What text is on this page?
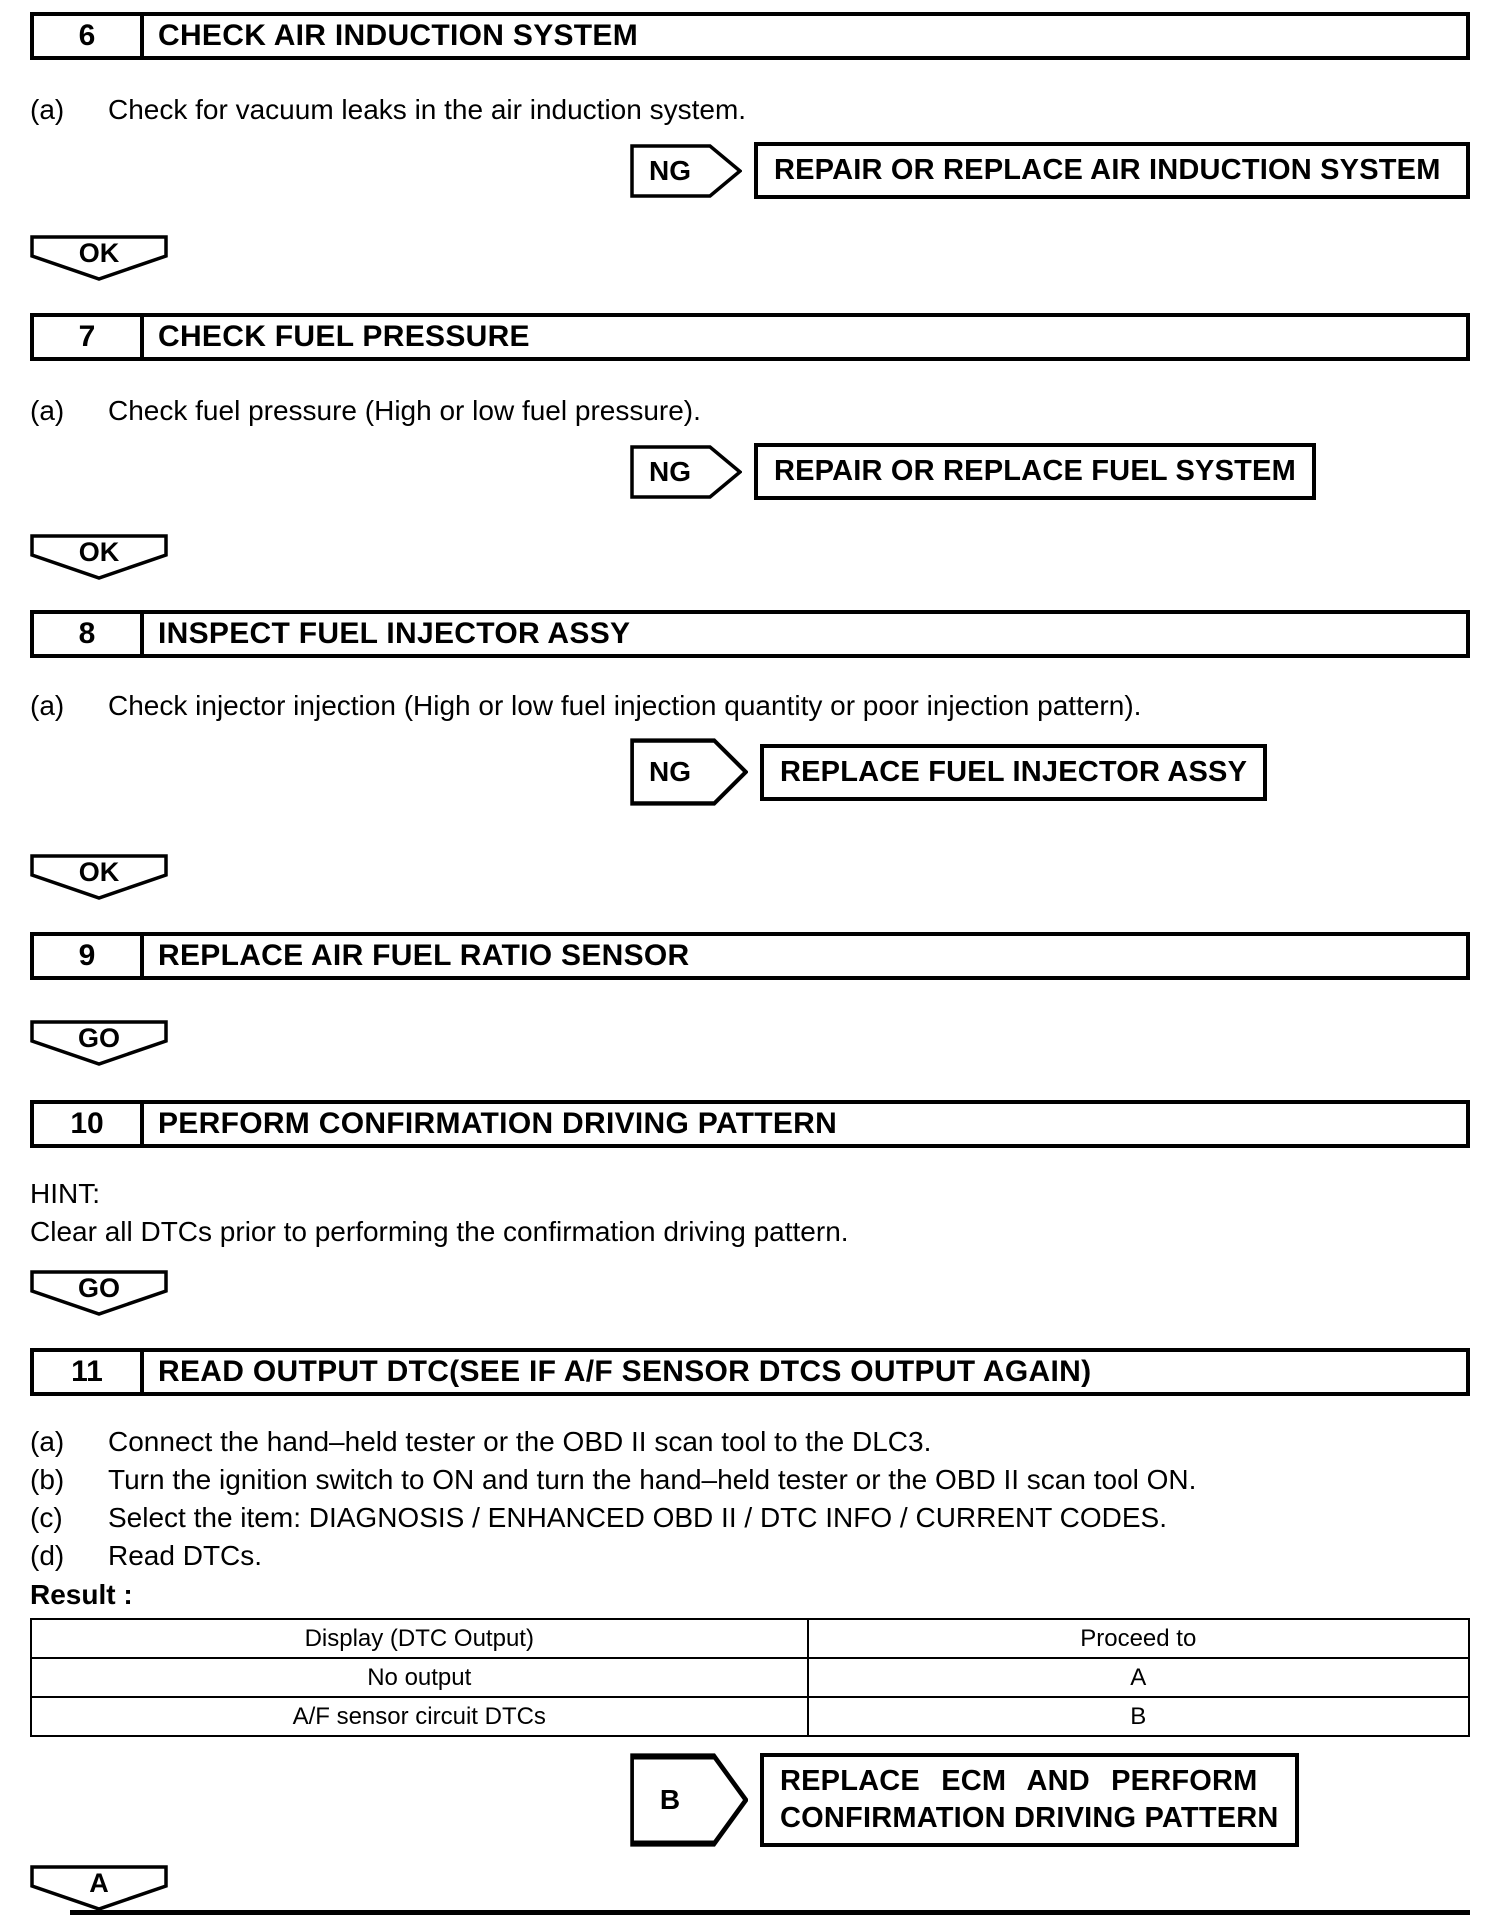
6	CHECK AIR INDUCTION SYSTEM
(a)	Check for vacuum leaks in the air induction system.
NG	REPAIR OR REPLACE AIR INDUCTION SYSTEM
OK
7	CHECK FUEL PRESSURE
(a)	Check fuel pressure (High or low fuel pressure).
NG	REPAIR OR REPLACE FUEL SYSTEM
OK
8	INSPECT FUEL INJECTOR ASSY
(a)	Check injector injection (High or low fuel injection quantity or poor injection pattern).
NG	REPLACE FUEL INJECTOR ASSY
OK
9	REPLACE AIR FUEL RATIO SENSOR
GO
10	PERFORM CONFIRMATION DRIVING PATTERN
HINT:
Clear all DTCs prior to performing the confirmation driving pattern.
GO
11	READ OUTPUT DTC(SEE IF A/F SENSOR DTCS OUTPUT AGAIN)
(a)	Connect the hand–held tester or the OBD II scan tool to the DLC3.
(b)	Turn the ignition switch to ON and turn the hand–held tester or the OBD II scan tool ON.
(c)	Select the item: DIAGNOSIS / ENHANCED OBD II / DTC INFO / CURRENT CODES.
(d)	Read DTCs.
Result :
Display (DTC Output)	Proceed to
No output	A
A/F sensor circuit DTCs	B
B
REPLACE ECM AND PERFORM
CONFIRMATION DRIVING PATTERN
A
